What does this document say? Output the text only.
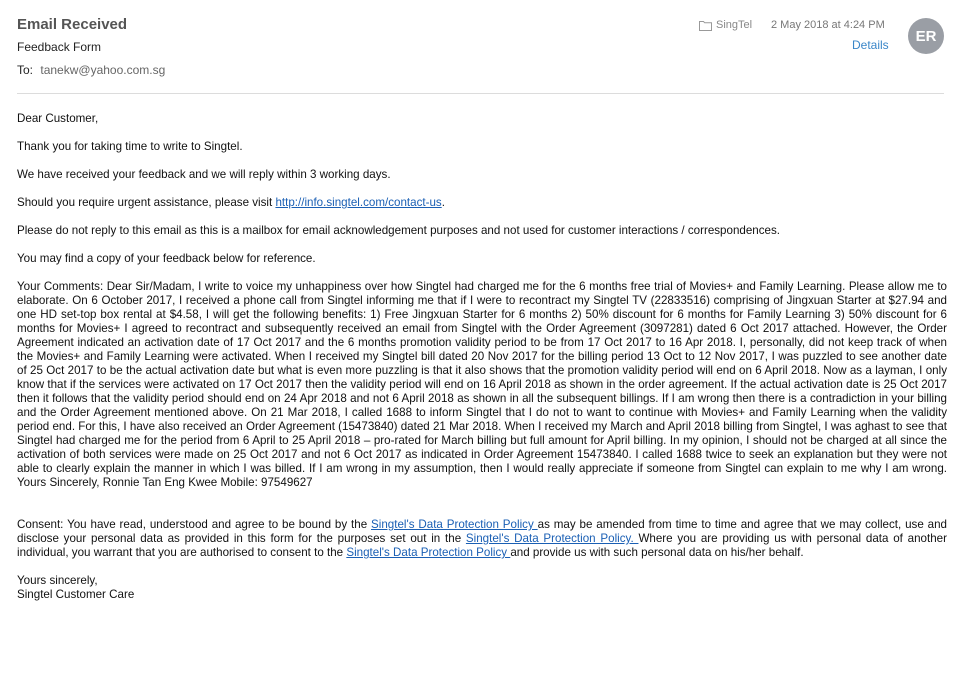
Email Received
Feedback Form
To: tanekw@yahoo.com.sg
SingTel 2 May 2018 at 4:24 PM
Details
ER

Dear Customer,

Thank you for taking time to write to Singtel.

We have received your feedback and we will reply within 3 working days.

Should you require urgent assistance, please visit http://info.singtel.com/contact-us.

Please do not reply to this email as this is a mailbox for email acknowledgement purposes and not used for customer interactions / correspondences.

You may find a copy of your feedback below for reference.

Your Comments: Dear Sir/Madam, I write to voice my unhappiness over how Singtel had charged me for the 6 months free trial of Movies+ and Family Learning. Please allow me to elaborate. On 6 October 2017, I received a phone call from Singtel informing me that if I were to recontract my Singtel TV (22833516) comprising of Jingxuan Starter at $27.94 and one HD set-top box rental at $4.58, I will get the following benefits: 1) Free Jingxuan Starter for 6 months 2) 50% discount for 6 months for Family Learning 3) 50% discount for 6 months for Movies+ I agreed to recontract and subsequently received an email from Singtel with the Order Agreement (3097281) dated 6 Oct 2017 attached. However, the Order Agreement indicated an activation date of 17 Oct 2017 and the 6 months promotion validity period to be from 17 Oct 2017 to 16 Apr 2018. I, personally, did not keep track of when the Movies+ and Family Learning were activated. When I received my Singtel bill dated 20 Nov 2017 for the billing period 13 Oct to 12 Nov 2017, I was puzzled to see another date of 25 Oct 2017 to be the actual activation date but what is even more puzzling is that it also shows that the promotion validity period will end on 6 April 2018. Now as a layman, I only know that if the services were activated on 17 Oct 2017 then the validity period will end on 16 April 2018 as shown in the order agreement. If the actual activation date is 25 Oct 2017 then it follows that the validity period should end on 24 Apr 2018 and not 6 April 2018 as shown in all the subsequent billings. If I am wrong then there is a contradiction in your billing and the Order Agreement mentioned above. On 21 Mar 2018, I called 1688 to inform Singtel that I do not to want to continue with Movies+ and Family Learning when the validity period end. For this, I have also received an Order Agreement (15473840) dated 21 Mar 2018. When I received my March and April 2018 billing from Singtel, I was aghast to see that Singtel had charged me for the period from 6 April to 25 April 2018 – pro-rated for March billing but full amount for April billing. In my opinion, I should not be charged at all since the activation of both services were made on 25 Oct 2017 and not 6 Oct 2017 as indicated in Order Agreement 15473840. I called 1688 twice to seek an explanation but they were not able to clearly explain the manner in which I was billed. If I am wrong in my assumption, then I would really appreciate if someone from Singtel can explain to me why I am wrong. Yours Sincerely, Ronnie Tan Eng Kwee Mobile: 97549627

Consent: You have read, understood and agree to be bound by the Singtel's Data Protection Policy as may be amended from time to time and agree that we may collect, use and disclose your personal data as provided in this form for the purposes set out in the Singtel's Data Protection Policy. Where you are providing us with personal data of another individual, you warrant that you are authorised to consent to the Singtel's Data Protection Policy and provide us with such personal data on his/her behalf.

Yours sincerely,

Singtel Customer Care
